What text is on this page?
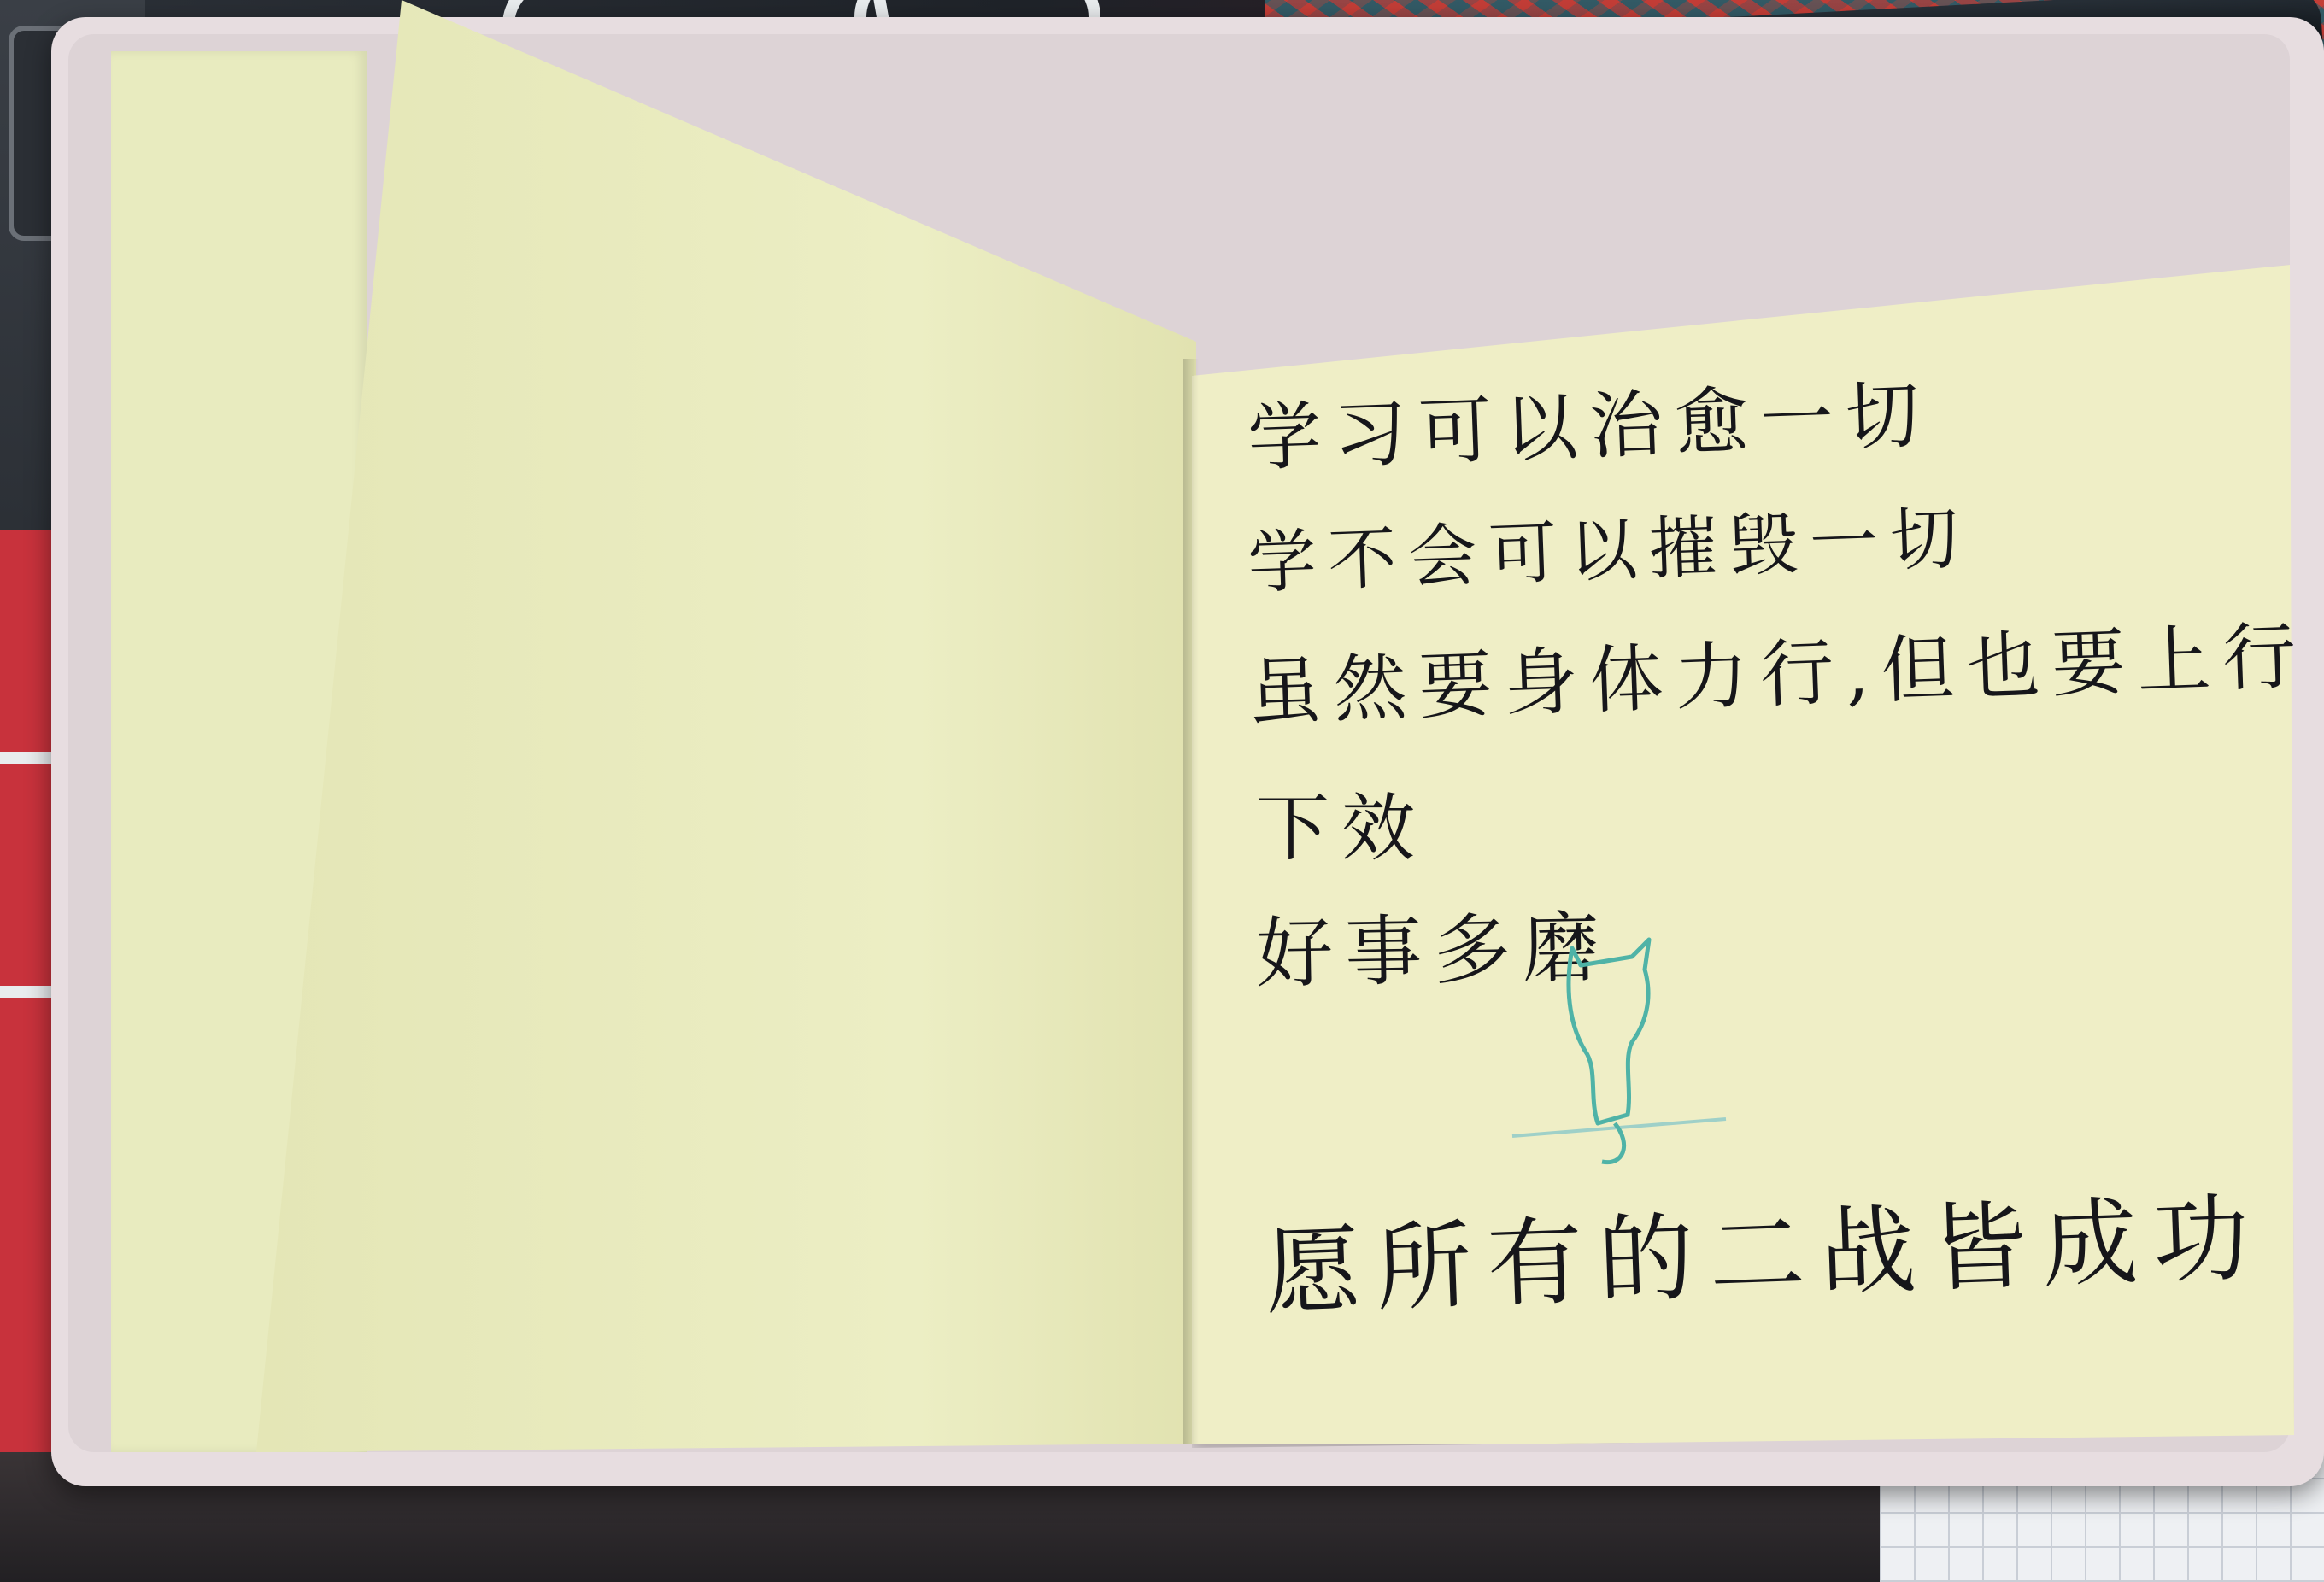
学习可以治愈一切
学不会可以摧毁一切
虽然要身体力行,但也要上行
下效
好事多磨
愿所有的二战皆成功
